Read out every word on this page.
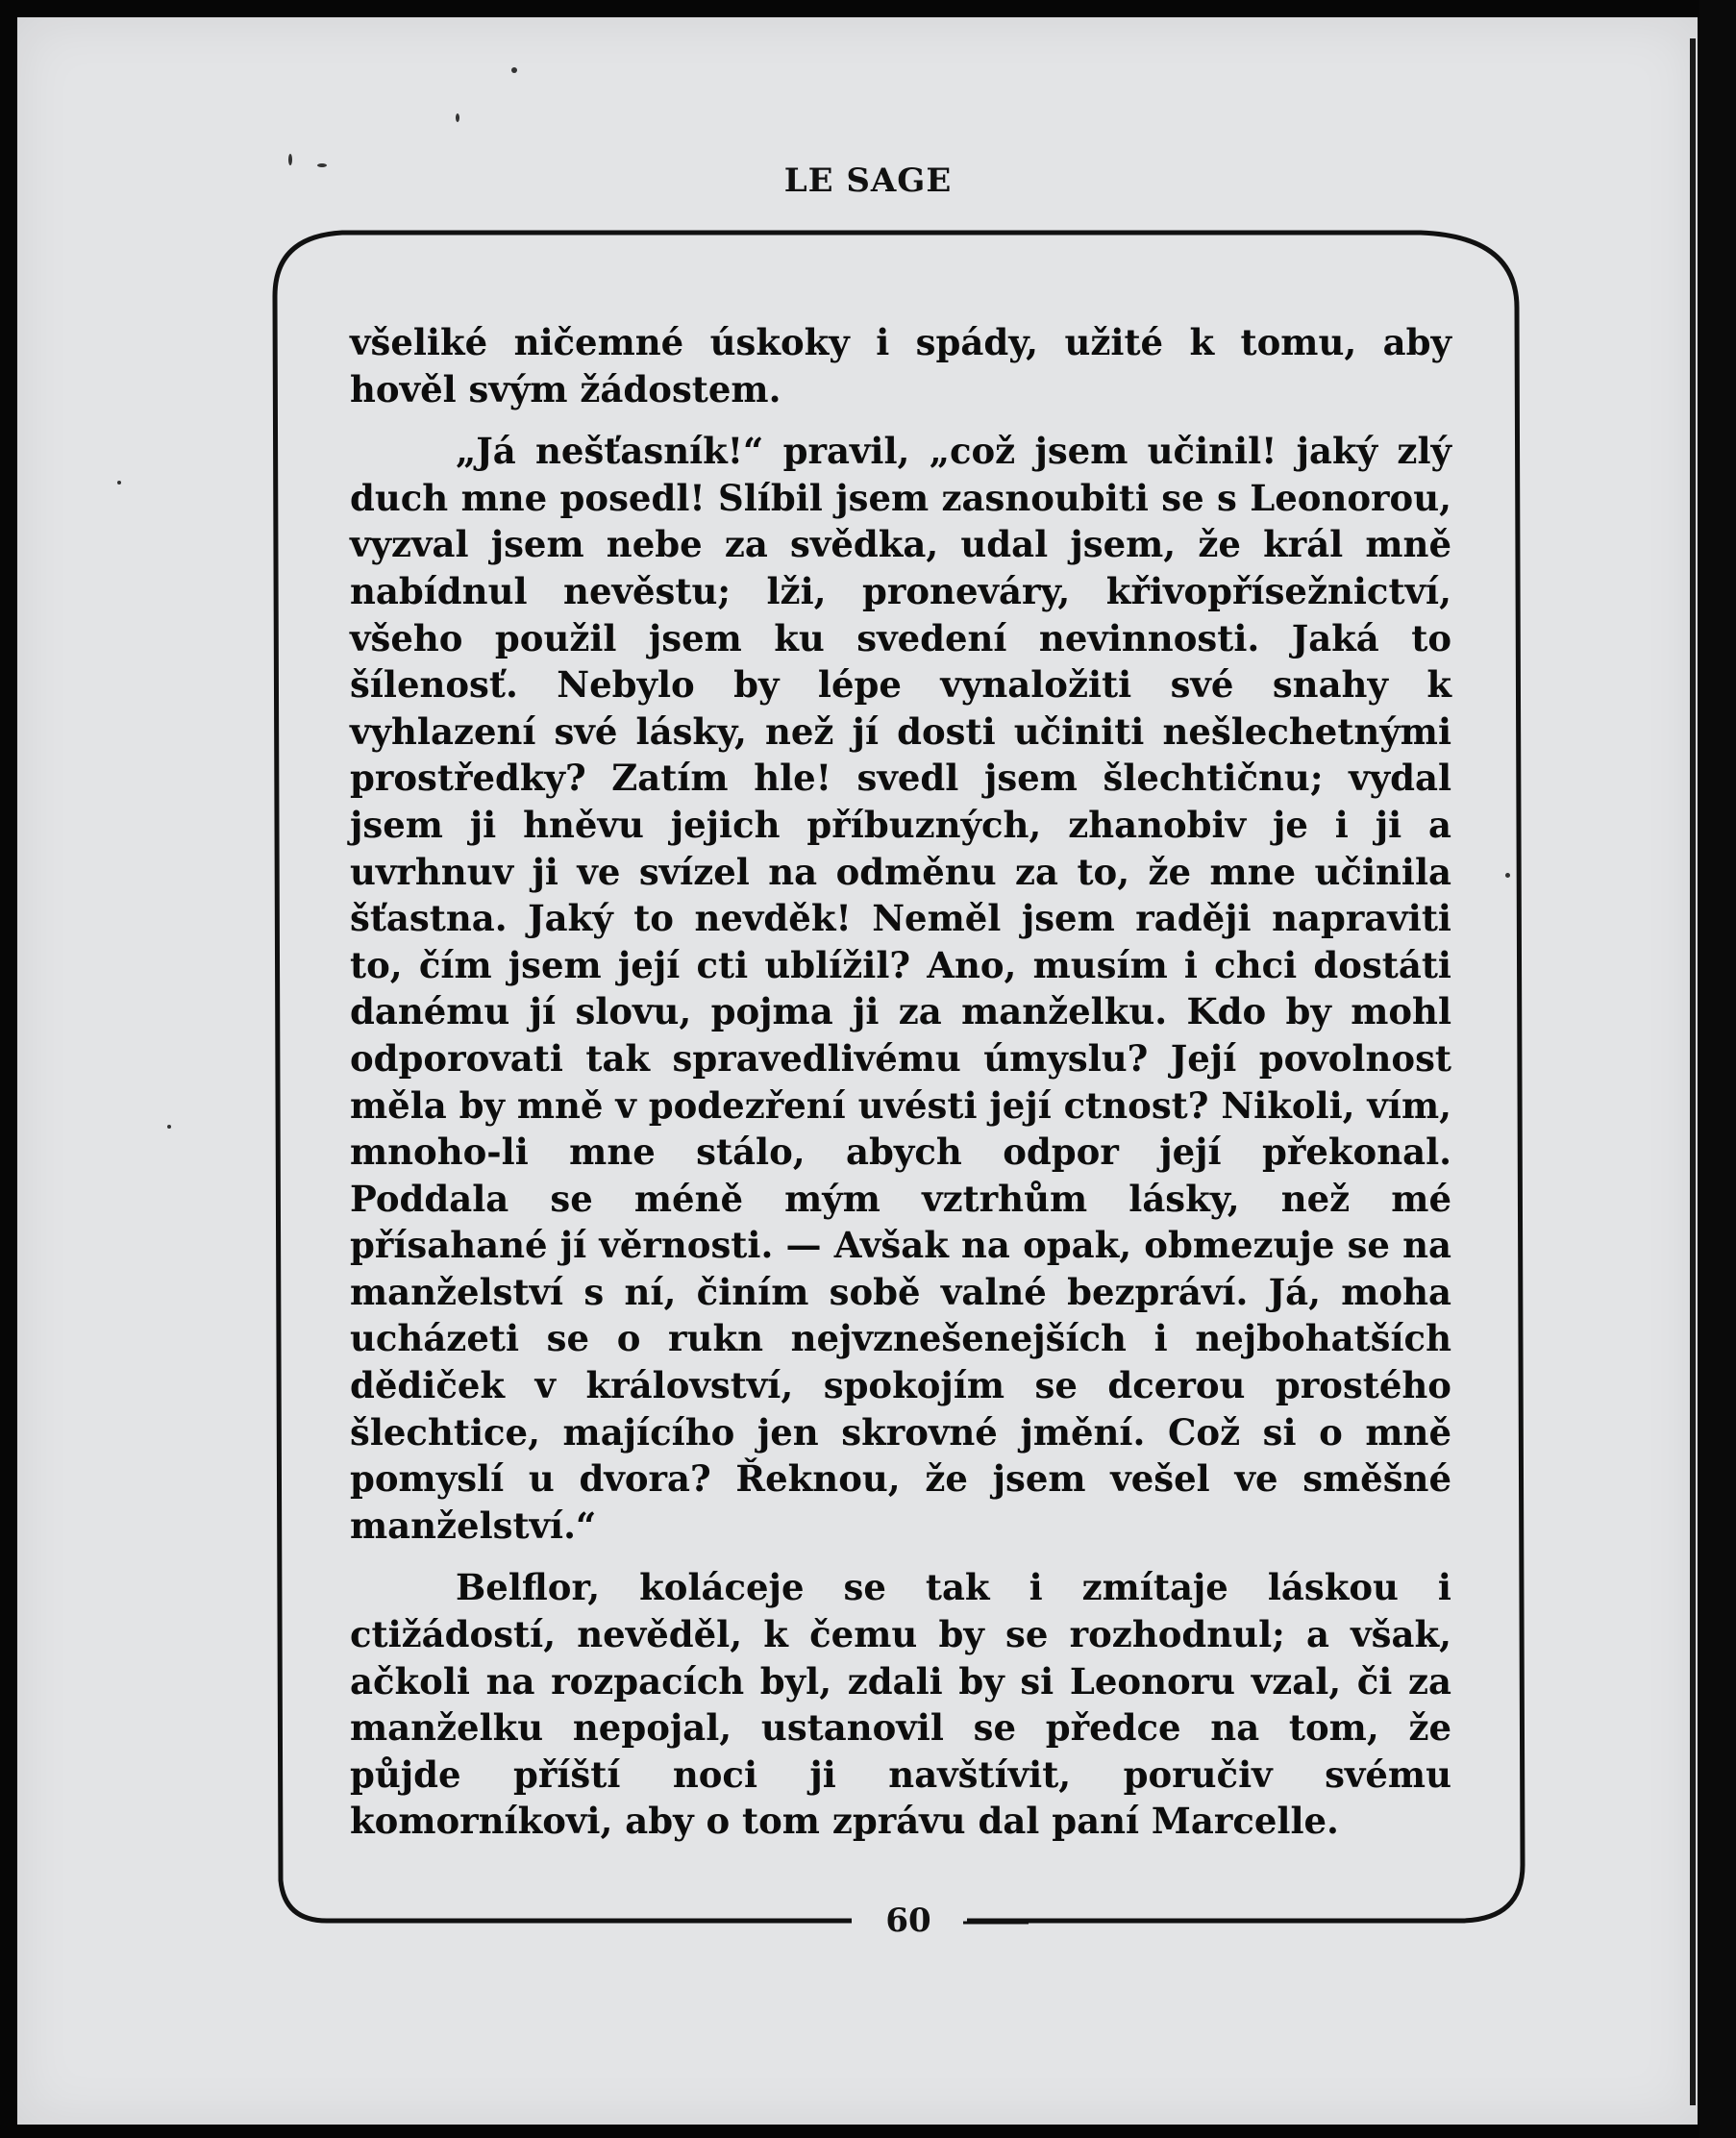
LE SAGE

všeliké ničemné úskoky i spády, užité k tomu, aby hověl svým žádostem.

„Já nešťasník!“ pravil, „což jsem učinil! jaký zlý duch mne posedl! Slíbil jsem zasnoubiti se s Leonorou, vyzval jsem nebe za svědka, udal jsem, že král mně nabídnul nevěstu; lži, proneváry, křivopřísežnictví, všeho použil jsem ku svedení nevinnosti. Jaká to šílenosť. Nebylo by lépe vynaložiti své snahy k vyhlazení své lásky, než jí dosti učiniti nešlechetnými prostředky? Zatím hle! svedl jsem šlechtičnu; vydal jsem ji hněvu jejich příbuzných, zhanobiv je i ji a uvrhnuv ji ve svízel na odměnu za to, že mne učinila šťastna. Jaký to nevděk! Neměl jsem raději napraviti to, čím jsem její cti ublížil? Ano, musím i chci dostáti danému jí slovu, pojma ji za manželku. Kdo by mohl odporovati tak spravedlivému úmyslu? Její povolnost měla by mně v podezření uvésti její ctnost? Nikoli, vím, mnoho-li mne stálo, abych odpor její překonal. Poddala se méně mým vztrhům lásky, než mé přísahané jí věrnosti. — Avšak na opak, obmezuje se na manželství s ní, činím sobě valné bezpráví. Já, moha ucházeti se o rukn nejvznešenejších i nejbohatších dědiček v království, spokojím se dcerou prostého šlechtice, majícího jen skrovné jmění. Což si o mně pomyslí u dvora? Řeknou, že jsem vešel ve směšné manželství.“

Belflor, koláceje se tak i zmítaje láskou i ctižádostí, nevěděl, k čemu by se rozhodnul; a však, ačkoli na rozpacích byl, zdali by si Leonoru vzal, či za manželku nepojal, ustanovil se předce na tom, že půjde příští noci ji navštívit, poručiv svému komorníkovi, aby o tom zprávu dal paní Marcelle.

60
